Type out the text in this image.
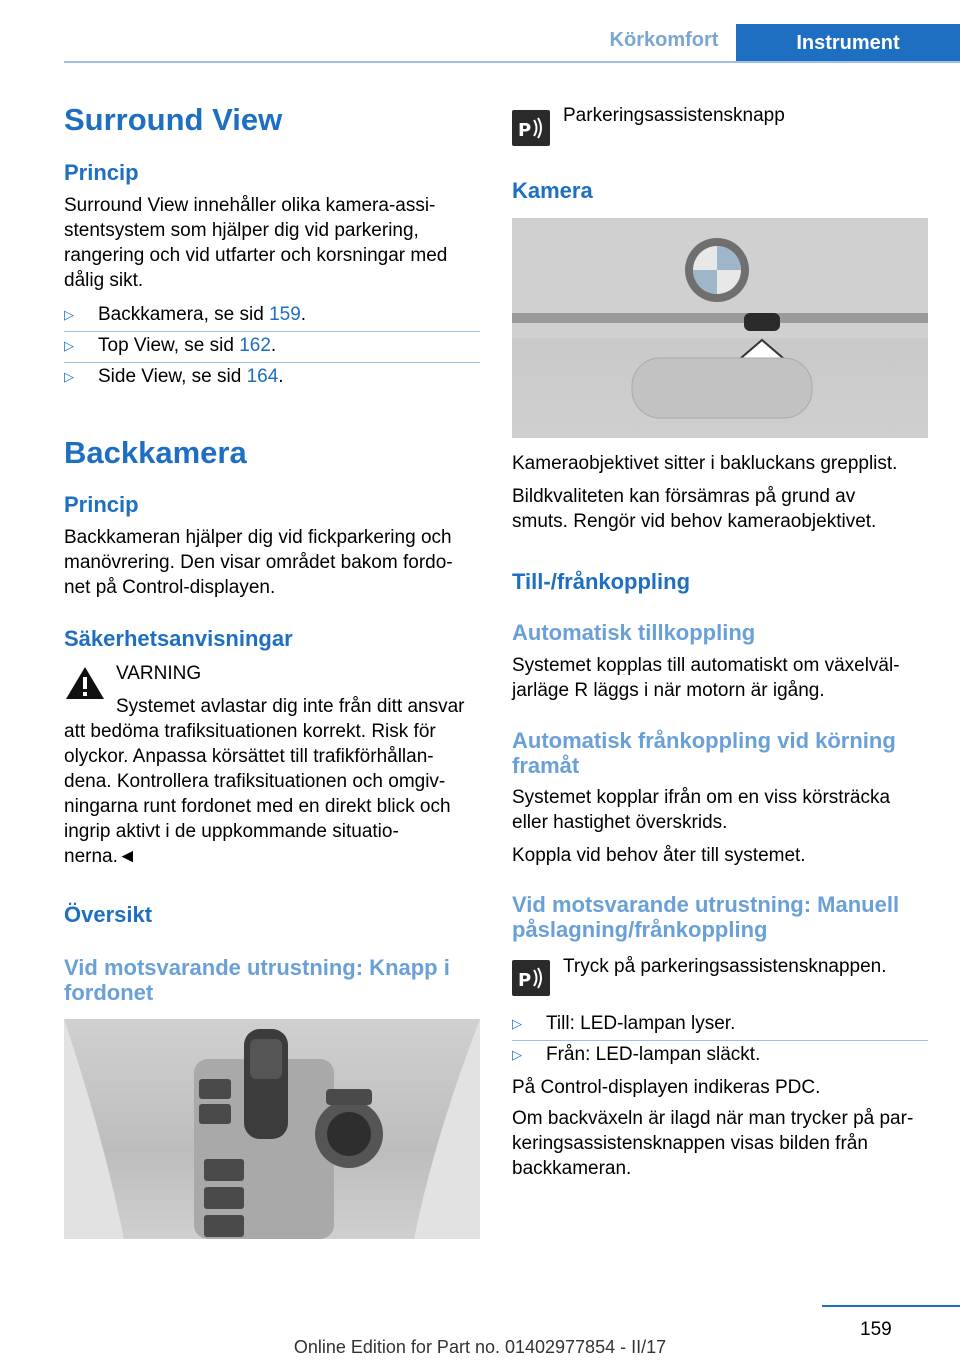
Körkomfort	Instrument
Surround View
Princip
Surround View innehåller olika kamera-assi-
stentsystem som hjälper dig vid parkering,
rangering och vid utfarter och korsningar med
dålig sikt.
▷ Backkamera, se sid 159.
▷ Top View, se sid 162.
▷ Side View, se sid 164.
Backkamera
Princip
Backkameran hjälper dig vid fickparkering och
manövrering. Den visar området bakom fordo-
net på Control-displayen.
Säkerhetsanvisningar
VARNING
Systemet avlastar dig inte från ditt ansvar
att bedöma trafiksituationen korrekt. Risk för
olyckor. Anpassa körsättet till trafikförhållan-
dena. Kontrollera trafiksituationen och omgiv-
ningarna runt fordonet med en direkt blick och
ingrip aktivt i de uppkommande situatio-
nerna.◄
Översikt
Vid motsvarande utrustning: Knapp i
fordonet
P
Parkeringsassistensknapp
Kamera
Kameraobjektivet sitter i bakluckans grepplist.
Bildkvaliteten kan försämras på grund av
smuts. Rengör vid behov kameraobjektivet.
Till-/frånkoppling
Automatisk tillkoppling
Systemet kopplas till automatiskt om växelväl-
jarläge R läggs i när motorn är igång.
Automatisk frånkoppling vid körning
framåt
Systemet kopplar ifrån om en viss körsträcka
eller hastighet överskrids.
Koppla vid behov åter till systemet.
Vid motsvarande utrustning: Manuell
påslagning/frånkoppling
P
Tryck på parkeringsassistensknappen.
▷ Till: LED-lampan lyser.
▷ Från: LED-lampan släckt.
På Control-displayen indikeras PDC.
Om backväxeln är ilagd när man trycker på par-
keringsassistensknappen visas bilden från
backkameran.
159
Online Edition for Part no. 01402977854 - II/17
